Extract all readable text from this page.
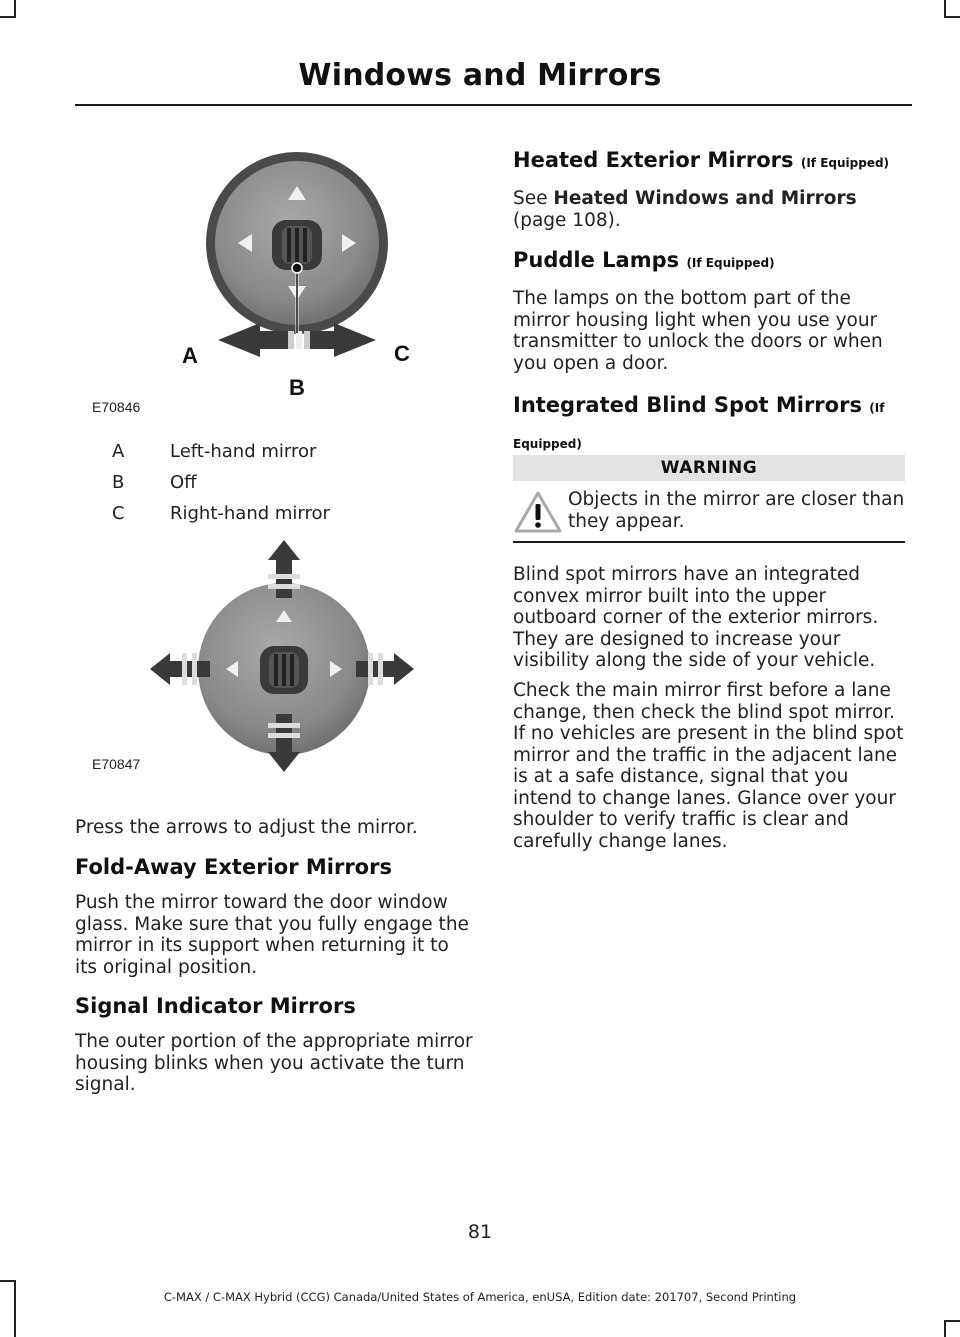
Windows and Mirrors
A
B
C
E70846
A	Left-hand mirror
B	Off
C	Right-hand mirror
E70847
Press the arrows to adjust the mirror.
Fold-Away Exterior Mirrors
Push the mirror toward the door window glass. Make sure that you fully engage the mirror in its support when returning it to its original position.
Signal Indicator Mirrors
The outer portion of the appropriate mirror housing blinks when you activate the turn signal.
Heated Exterior Mirrors (If Equipped)
See Heated Windows and Mirrors (page 108).
Puddle Lamps (If Equipped)
The lamps on the bottom part of the mirror housing light when you use your transmitter to unlock the doors or when you open a door.
Integrated Blind Spot Mirrors (If Equipped)
WARNING
Objects in the mirror are closer than they appear.
Blind spot mirrors have an integrated convex mirror built into the upper outboard corner of the exterior mirrors. They are designed to increase your visibility along the side of your vehicle.
Check the main mirror first before a lane change, then check the blind spot mirror. If no vehicles are present in the blind spot mirror and the traffic in the adjacent lane is at a safe distance, signal that you intend to change lanes. Glance over your shoulder to verify traffic is clear and carefully change lanes.
81
C-MAX / C-MAX Hybrid (CCG) Canada/United States of America, enUSA, Edition date: 201707, Second Printing
